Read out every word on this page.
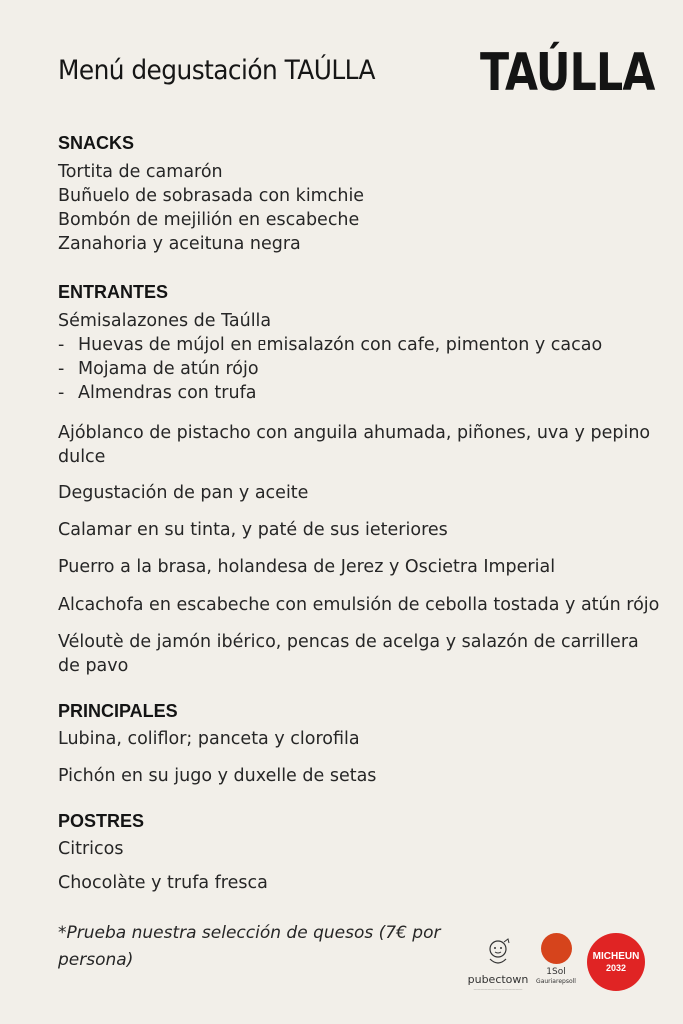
Menú degustación TAÚLLA TAÚLLA
SNACKS
Tortita de camarón
Buñuelo de sobrasada con kimchie
Bombón de mejilión en escabeche
Zanahoria y aceituna negra
ENTRANTES
Sémisalazones de Taúlla
- Huevas de mújol en ᥱmisalazón con cafe, pimenton y cacao
- Mojama de atún rójo
- Almendras con trufa
Ajóblanco de pistacho con anguila ahumada, piñones, uva y pepino dulce
Degustación de pan y aceite
Calamar en su tinta, y paté de sus ieteriores
Puerro a la brasa, holandesa de Jerez y Oscietra Imperial
Alcachofa en escabeche con emulsión de cebolla tostada y atún rójo
Véloutè de jamón ibérico, pencas de acelga y salazón de carrillera de pavo
PRINCIPALES
Lubina, coliflor; panceta y clorofila
Pichón en su jugo y duxelle de setas
POSTRES
Citricos
Chocolàte y trufa fresca
*Prueba nuestra selección de quesos (7€ por persona)
pubectown
——————————————
1Sol
Gauriarepsoll
MICHEUN
2032
